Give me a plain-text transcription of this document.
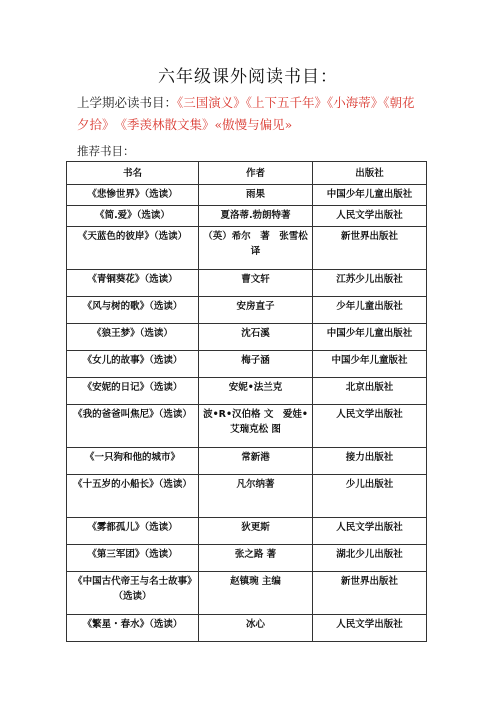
六年级课外阅读书目：
上学期必读书目：《三国演义》《上下五千年》《小海蒂》《朝花夕拾》　《季羡林散文集》«傲慢与偏见»
推荐书目：
书名	作者	出版社
《悲惨世界》（选读）	雨果	中国少年儿童出版社
《简.爱》（选读）	夏洛蒂.勃朗特著	人民文学出版社
《天蓝色的彼岸》（选读）	（英）希尔　著　张雪松译	新世界出版社
《青铜葵花》（选读）	曹文轩	江苏少儿出版社
《风与树的歌》（选读）	安房直子	少年儿童出版社
《狼王梦》（选读）	沈石溪	中国少年儿童出版社
《女儿的故事》（选读）	梅子涵	中国少年儿童版社
《安妮的日记》（选读）	安妮•法兰克	北京出版社
《我的爸爸叫焦尼》（选读）	波•R•汉伯格 文　爱娃•艾瑞克松 图	人民文学出版社
《一只狗和他的城市》	常新港	接力出版社
《十五岁的小船长》（选读）	凡尔纳著	少儿出版社
《雾都孤儿》（选读）	狄更斯	人民文学出版社
《第三军团》（选读）	张之路 著	湖北少儿出版社
《中国古代帝王与名士故事》（选读）	赵镇琬 主编	新世界出版社
《繁星・春水》（选读）	冰心	人民文学出版社
